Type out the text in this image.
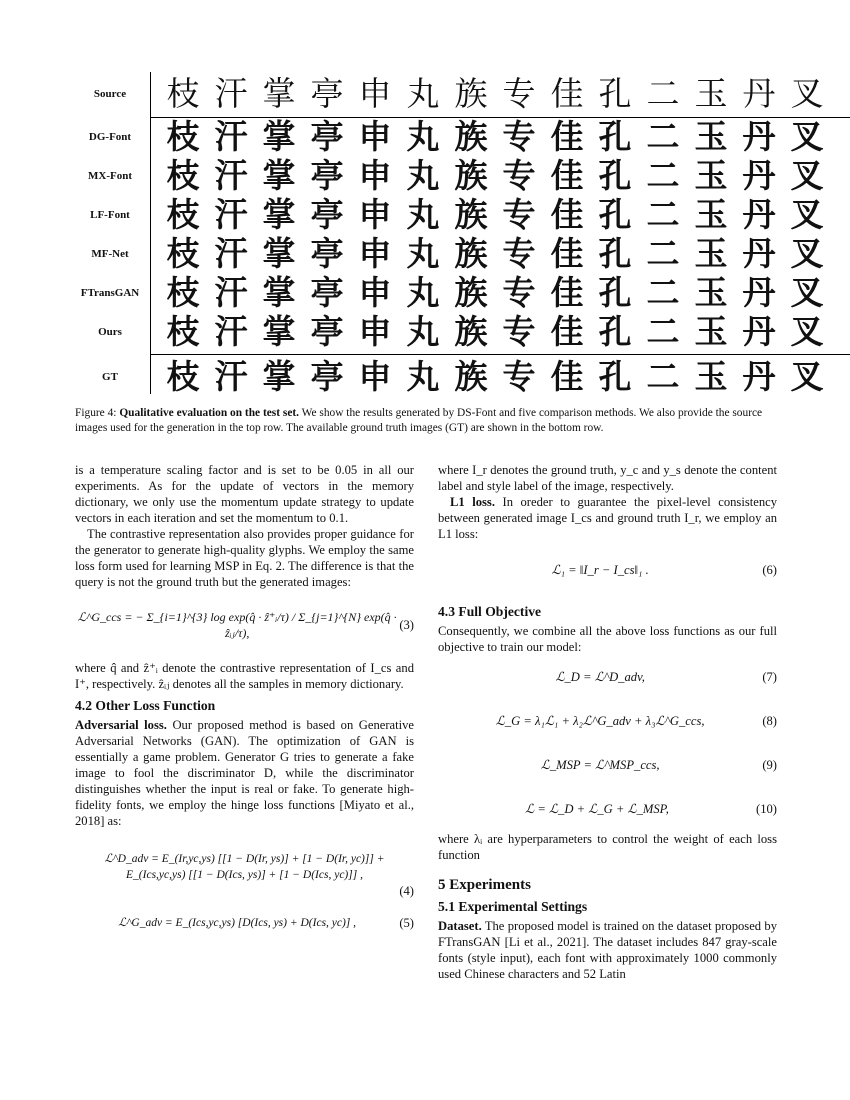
Source	枝 汗 掌 亭 申 丸 族 专 佳 孔 二 玉 丹 叉
DG-Font	枝 汗 掌 亭 申 丸 族 专 佳 孔 二 玉 丹 叉
MX-Font	枝 汗 掌 亭 申 丸 族 专 佳 孔 二 玉 丹 叉
LF-Font	枝 汗 掌 亭 申 丸 族 专 佳 孔 二 玉 丹 叉
MF-Net	枝 汗 掌 亭 申 丸 族 专 佳 孔 二 玉 丹 叉
FTransGAN 枝 汗 掌 亭 申 丸 族 专 佳 孔 二 玉 丹 叉
Ours	枝 汗 掌 亭 申 丸 族 专 佳 孔 二 玉 丹 叉
GT	枝 汗 掌 亭 申 丸 族 专 佳 孔 二 玉 丹 叉
Figure 4: Qualitative evaluation on the test set. We show the results generated by DS-Font and five comparison methods. We also provide the source images used for the generation in the top row. The available ground truth images (GT) are shown in the bottom row.

is a temperature scaling factor and is set to be 0.05 in all our experiments. As for the update of vectors in the memory dictionary, we only use the momentum update strategy to update vectors in each iteration and set the momentum to 0.1.

The contrastive representation also provides proper guidance for the generator to generate high-quality glyphs. We employ the same loss form used for learning MSP in Eq. 2. The difference is that the query is not the ground truth but the generated images:

ℒ^G_ccs = − Σ_{i=1}^{3} log exp(q̂ · ẑ⁺ᵢ/τ) / Σ_{j=1}^{N} exp(q̂ · ẑᵢⱼ/τ),
(3)

where q̂ and ẑ⁺ᵢ denote the contrastive representation of I_cs and I⁺, respectively. ẑᵢⱼ denotes all the samples in memory dictionary.

4.2 Other Loss Function

Adversarial loss. Our proposed method is based on Generative Adversarial Networks (GAN). The optimization of GAN is essentially a game problem. Generator G tries to generate a fake image to fool the discriminator D, while the discriminator distinguishes whether the input is real or fake. To generate high-fidelity fonts, we employ the hinge loss functions [Miyato et al., 2018] as:

ℒ^D_adv = E_(Ir,yc,ys) [[1 − D(Ir, ys)] + [1 − D(Ir, yc)]] +
E_(Ics,yc,ys) [[1 − D(Ics, ys)] + [1 − D(Ics, yc)]] ,
(4)
ℒ^G_adv = E_(Ics,yc,ys) [D(Ics, ys) + D(Ics, yc)] ,	(5)

where I_r denotes the ground truth, y_c and y_s denote the content label and style label of the image, respectively.

L1 loss. In oreder to guarantee the pixel-level consistency between generated image I_cs and ground truth I_r, we employ an L1 loss:

ℒ₁ = ‖I_r − I_cs‖₁ .	(6)
4.3 Full Objective

Consequently, we combine all the above loss functions as our full objective to train our model:

ℒ_D = ℒ^D_adv,	(7)
ℒ_G = λ₁ℒ₁ + λ₂ℒ^G_adv + λ₃ℒ^G_ccs,	(8)
ℒ_MSP = ℒ^MSP_ccs,	(9)
ℒ = ℒ_D + ℒ_G + ℒ_MSP,	(10)

where λᵢ are hyperparameters to control the weight of each loss function

5 Experiments
5.1 Experimental Settings

Dataset. The proposed model is trained on the dataset proposed by FTransGAN [Li et al., 2021]. The dataset includes 847 gray-scale fonts (style input), each font with approximately 1000 commonly used Chinese characters and 52 Latin
